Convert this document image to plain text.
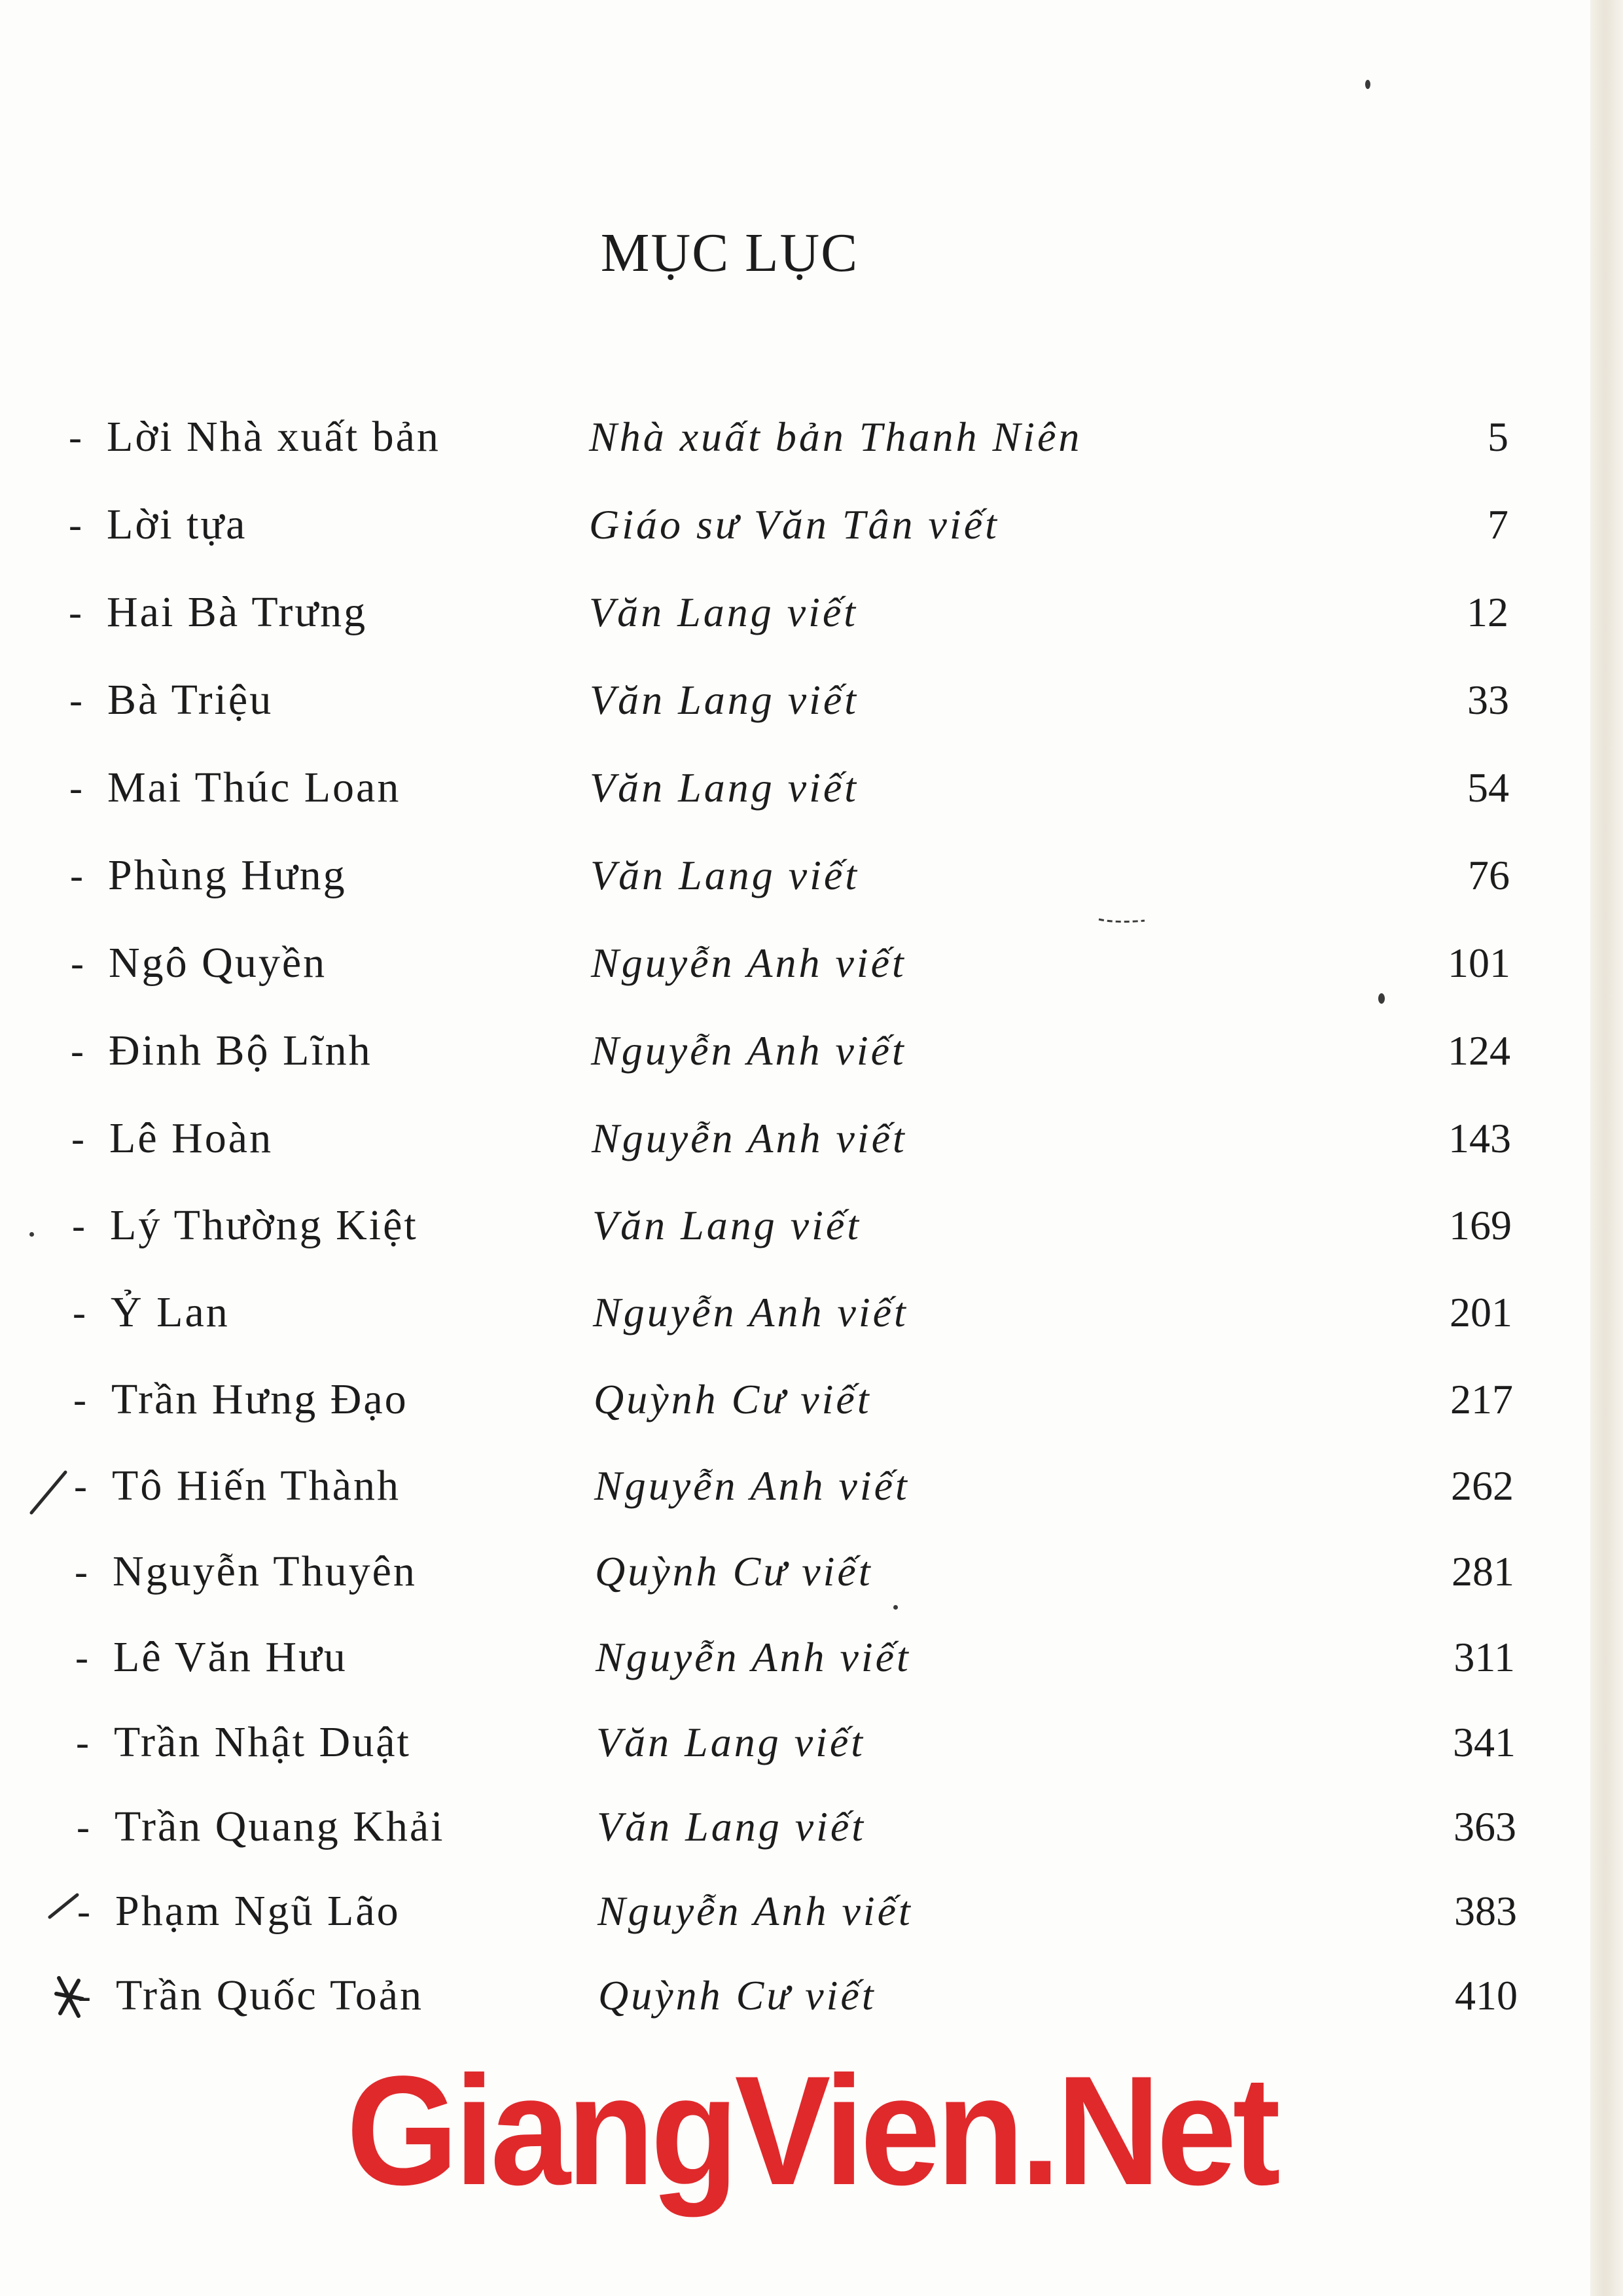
MỤC LỤC
- Lời Nhà xuất bản	Nhà xuất bản Thanh Niên	5
- Lời tựa	Giáo sư Văn Tân viết	7
- Hai Bà Trưng	Văn Lang viết	12
- Bà Triệu	Văn Lang viết	33
- Mai Thúc Loan	Văn Lang viết	54
- Phùng Hưng	Văn Lang viết	76
- Ngô Quyền	Nguyễn Anh viết	101
- Đinh Bộ Lĩnh	Nguyễn Anh viết	124
- Lê Hoàn	Nguyễn Anh viết	143
- Lý Thường Kiệt	Văn Lang viết	169
- Ỷ Lan	Nguyễn Anh viết	201
- Trần Hưng Đạo	Quỳnh Cư viết	217
- Tô Hiến Thành	Nguyễn Anh viết	262
- Nguyễn Thuyên	Quỳnh Cư viết	281
- Lê Văn Hưu	Nguyễn Anh viết	311
- Trần Nhật Duật	Văn Lang viết	341
- Trần Quang Khải	Văn Lang viết	363
- Phạm Ngũ Lão	Nguyễn Anh viết	383
- Trần Quốc Toản	Quỳnh Cư viết	410
GiangVien.Net
